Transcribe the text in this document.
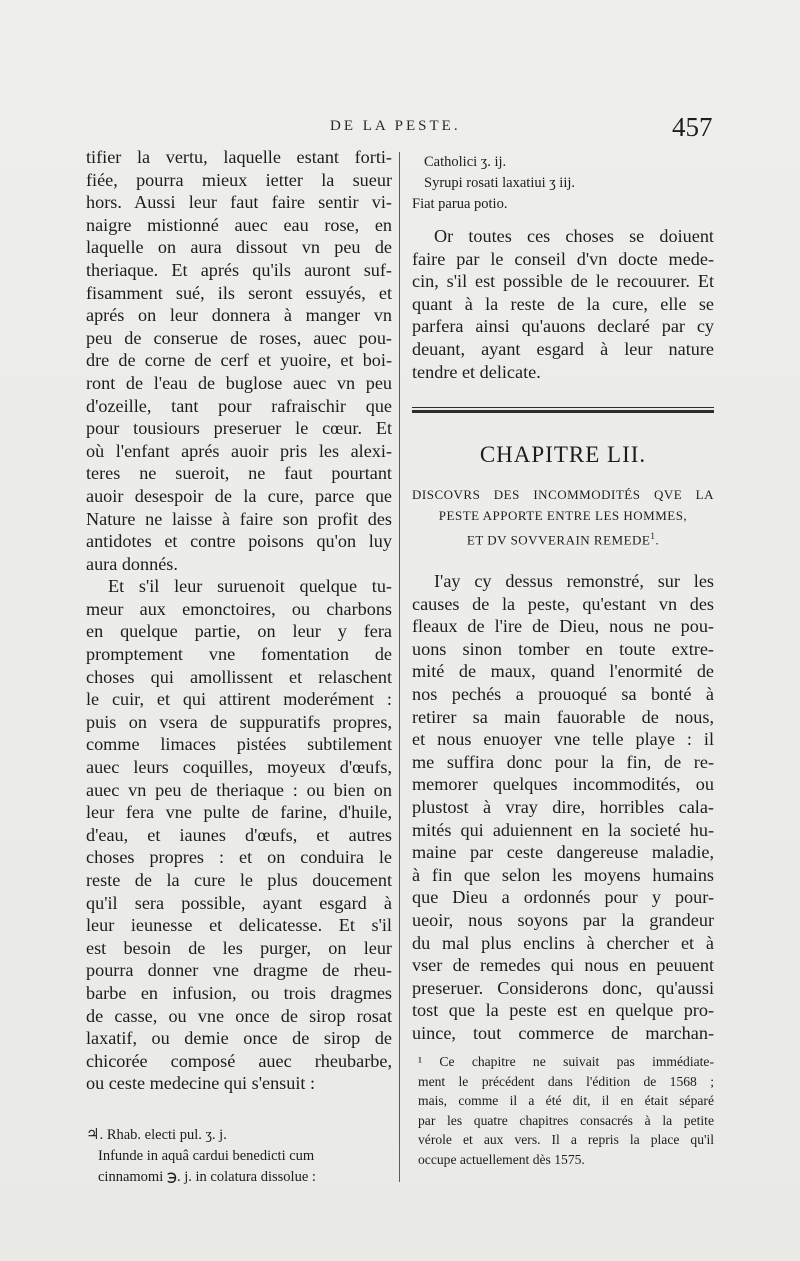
DE LA PESTE.	457
tifier la vertu, laquelle estant forti-
fiée, pourra mieux ietter la sueur
hors. Aussi leur faut faire sentir vi-
naigre mistionné auec eau rose, en
laquelle on aura dissout vn peu de
theriaque. Et aprés qu'ils auront suf-
fisamment sué, ils seront essuyés, et
aprés on leur donnera à manger vn
peu de conserue de roses, auec pou-
dre de corne de cerf et yuoire, et boi-
ront de l'eau de buglose auec vn peu
d'ozeille, tant pour rafraischir que
pour tousiours preseruer le cœur. Et
où l'enfant aprés auoir pris les alexi-
teres ne sueroit, ne faut pourtant
auoir desespoir de la cure, parce que
Nature ne laisse à faire son profit des
antidotes et contre poisons qu'on luy
aura donnés.
Et s'il leur suruenoit quelque tu-
meur aux emonctoires, ou charbons
en quelque partie, on leur y fera
promptement vne fomentation de
choses qui amollissent et relaschent
le cuir, et qui attirent moderément :
puis on vsera de suppuratifs propres,
comme limaces pistées subtilement
auec leurs coquilles, moyeux d'œufs,
auec vn peu de theriaque : ou bien on
leur fera vne pulte de farine, d'huile,
d'eau, et iaunes d'œufs, et autres
choses propres : et on conduira le
reste de la cure le plus doucement
qu'il sera possible, ayant esgard à
leur ieunesse et delicatesse. Et s'il
est besoin de les purger, on leur
pourra donner vne dragme de rheu-
barbe en infusion, ou trois dragmes
de casse, ou vne once de sirop rosat
laxatif, ou demie once de sirop de
chicorée composé auec rheubarbe,
ou ceste medecine qui s'ensuit :
♃. Rhab. electi pul. ʒ. j.
Infunde in aquâ cardui benedicti cum
cinnamomi ℈. j. in colatura dissolue :
Catholici ʒ. ij.
Syrupi rosati laxatiui ʒ iij.
Fiat parua potio.
Or toutes ces choses se doiuent
faire par le conseil d'vn docte mede-
cin, s'il est possible de le recouurer. Et
quant à la reste de la cure, elle se
parfera ainsi qu'auons declaré par cy
deuant, ayant esgard à leur nature
tendre et delicate.
CHAPITRE LII.
DISCOVRS DES INCOMMODITÉS QVE LA
PESTE APPORTE ENTRE LES HOMMES,
ET DV SOVVERAIN REMEDE$^1$.
I'ay cy dessus remonstré, sur les
causes de la peste, qu'estant vn des
fleaux de l'ire de Dieu, nous ne pou-
uons sinon tomber en toute extre-
mité de maux, quand l'enormité de
nos pechés a prouoqué sa bonté à
retirer sa main fauorable de nous,
et nous enuoyer vne telle playe : il
me suffira donc pour la fin, de re-
memorer quelques incommodités, ou
plustost à vray dire, horribles cala-
mités qui aduiennent en la societé hu-
maine par ceste dangereuse maladie,
à fin que selon les moyens humains
que Dieu a ordonnés pour y pour-
ueoir, nous soyons par la grandeur
du mal plus enclins à chercher et à
vser de remedes qui nous en peuuent
preseruer. Considerons donc, qu'aussi
tost que la peste est en quelque pro-
uince, tout commerce de marchan-
¹ Ce chapitre ne suivait pas immédiate-
ment le précédent dans l'édition de 1568 ;
mais, comme il a été dit, il en était séparé
par les quatre chapitres consacrés à la petite
vérole et aux vers. Il a repris la place qu'il
occupe actuellement dès 1575.
